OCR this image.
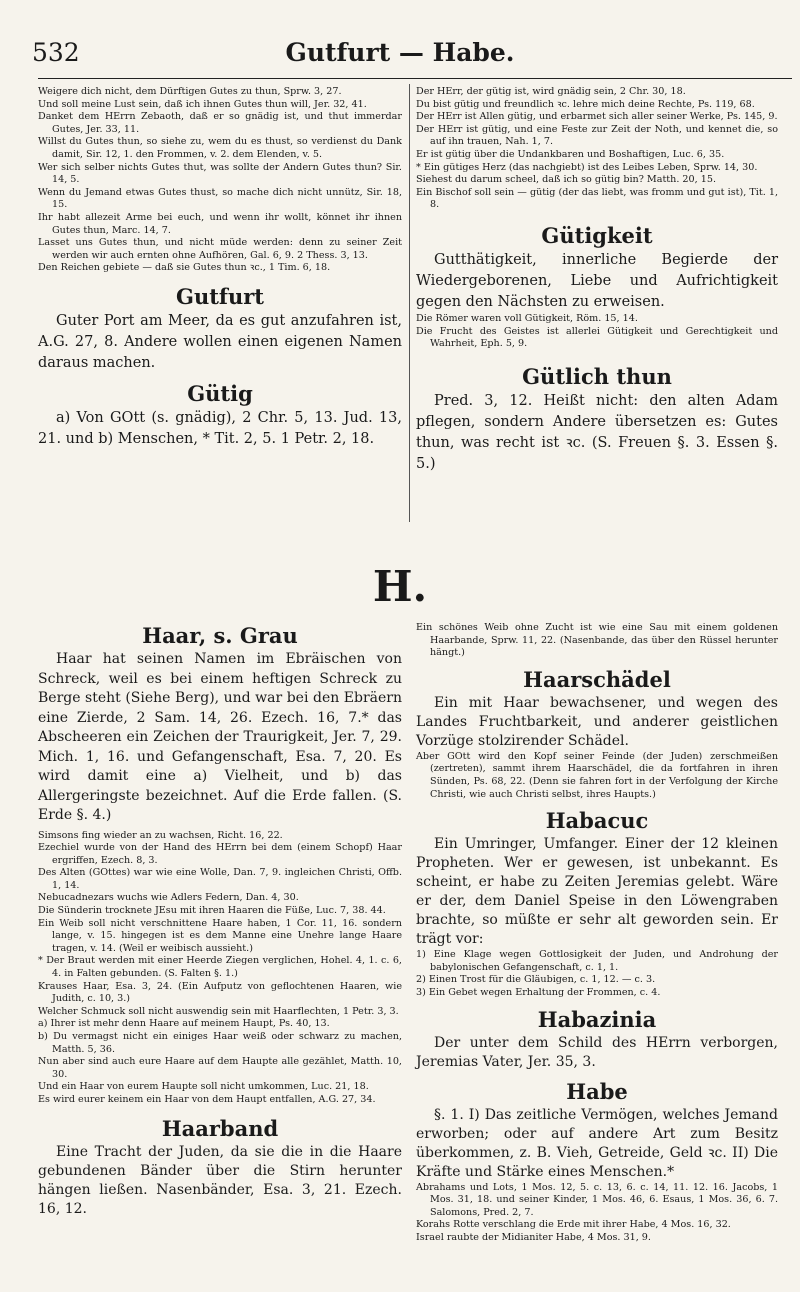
532	Gutfurt — Habe.

Weigere dich nicht, dem Dürftigen Gutes zu thun, Sprw. 3, 27.

Und soll meine Lust sein, daß ich ihnen Gutes thun will, Jer. 32, 41.

Danket dem HErrn Zebaoth, daß er so gnädig ist, und thut immerdar Gutes, Jer. 33, 11.

Willst du Gutes thun, so siehe zu, wem du es thust, so verdienst du Dank damit, Sir. 12, 1. den Frommen, v. 2. dem Elenden, v. 5.

Wer sich selber nichts Gutes thut, was sollte der Andern Gutes thun? Sir. 14, 5.

Wenn du Jemand etwas Gutes thust, so mache dich nicht unnütz, Sir. 18, 15.

Ihr habt allezeit Arme bei euch, und wenn ihr wollt, könnet ihr ihnen Gutes thun, Marc. 14, 7.

Lasset uns Gutes thun, und nicht müde werden: denn zu seiner Zeit werden wir auch ernten ohne Aufhören, Gal. 6, 9. 2 Thess. 3, 13.

Den Reichen gebiete — daß sie Gutes thun ꝛc., 1 Tim. 6, 18.

Gutfurt

Guter Port am Meer, da es gut anzufahren ist, A.G. 27, 8. Andere wollen einen eigenen Namen daraus machen.

Gütig

a) Von GOtt (s. gnädig), 2 Chr. 5, 13. Jud. 13, 21. und b) Menschen, * Tit. 2, 5. 1 Petr. 2, 18.

Der HErr, der gütig ist, wird gnädig sein, 2 Chr. 30, 18.

Du bist gütig und freundlich ꝛc. lehre mich deine Rechte, Ps. 119, 68.

Der HErr ist Allen gütig, und erbarmet sich aller seiner Werke, Ps. 145, 9.

Der HErr ist gütig, und eine Feste zur Zeit der Noth, und kennet die, so auf ihn trauen, Nah. 1, 7.

Er ist gütig über die Undankbaren und Boshaftigen, Luc. 6, 35.

* Ein gütiges Herz (das nachgiebt) ist des Leibes Leben, Sprw. 14, 30.

Siehest du darum scheel, daß ich so gütig bin? Matth. 20, 15.

Ein Bischof soll sein — gütig (der das liebt, was fromm und gut ist), Tit. 1, 8.

Gütigkeit

Gutthätigkeit, innerliche Begierde der Wiedergeborenen, Liebe und Aufrichtigkeit gegen den Nächsten zu erweisen.

Die Römer waren voll Gütigkeit, Röm. 15, 14.

Die Frucht des Geistes ist allerlei Gütigkeit und Gerechtigkeit und Wahrheit, Eph. 5, 9.

Gütlich thun

Pred. 3, 12. Heißt nicht: den alten Adam pflegen, sondern Andere übersetzen es: Gutes thun, was recht ist ꝛc. (S. Freuen §. 3. Essen §. 5.)

H.

Haar, s. Grau

Haar hat seinen Namen im Ebräischen von Schreck, weil es bei einem heftigen Schreck zu Berge steht (Siehe Berg), und war bei den Ebräern eine Zierde, 2 Sam. 14, 26. Ezech. 16, 7.* das Abscheeren ein Zeichen der Traurigkeit, Jer. 7, 29. Mich. 1, 16. und Gefangenschaft, Esa. 7, 20. Es wird damit eine a) Vielheit, und b) das Allergeringste bezeichnet. Auf die Erde fallen. (S. Erde §. 4.)

Simsons fing wieder an zu wachsen, Richt. 16, 22.

Ezechiel wurde von der Hand des HErrn bei dem (einem Schopf) Haar ergriffen, Ezech. 8, 3.

Des Alten (GOttes) war wie eine Wolle, Dan. 7, 9. ingleichen Christi, Offb. 1, 14.

Nebucadnezars wuchs wie Adlers Federn, Dan. 4, 30.

Die Sünderin trocknete JEsu mit ihren Haaren die Füße, Luc. 7, 38. 44.

Ein Weib soll nicht verschnittene Haare haben, 1 Cor. 11, 16. sondern lange, v. 15. hingegen ist es dem Manne eine Unehre lange Haare tragen, v. 14. (Weil er weibisch aussieht.)

* Der Braut werden mit einer Heerde Ziegen verglichen, Hohel. 4, 1. c. 6, 4. in Falten gebunden. (S. Falten §. 1.)

Krauses Haar, Esa. 3, 24. (Ein Aufputz von geflochtenen Haaren, wie Judith, c. 10, 3.)

Welcher Schmuck soll nicht auswendig sein mit Haarflechten, 1 Petr. 3, 3.

a) Ihrer ist mehr denn Haare auf meinem Haupt, Ps. 40, 13.

b) Du vermagst nicht ein einiges Haar weiß oder schwarz zu machen, Matth. 5, 36.

Nun aber sind auch eure Haare auf dem Haupte alle gezählet, Matth. 10, 30.

Und ein Haar von eurem Haupte soll nicht umkommen, Luc. 21, 18.

Es wird eurer keinem ein Haar von dem Haupt entfallen, A.G. 27, 34.

Haarband

Eine Tracht der Juden, da sie die in die Haare gebundenen Bänder über die Stirn herunter hängen ließen. Nasenbänder, Esa. 3, 21. Ezech. 16, 12.

Ein schönes Weib ohne Zucht ist wie eine Sau mit einem goldenen Haarbande, Sprw. 11, 22. (Nasenbande, das über den Rüssel herunter hängt.)

Haarschädel

Ein mit Haar bewachsener, und wegen des Landes Fruchtbarkeit, und anderer geistlichen Vorzüge stolzirender Schädel.

Aber GOtt wird den Kopf seiner Feinde (der Juden) zerschmeißen (zertreten), sammt ihrem Haarschädel, die da fortfahren in ihren Sünden, Ps. 68, 22. (Denn sie fahren fort in der Verfolgung der Kirche Christi, wie auch Christi selbst, ihres Haupts.)

Habacuc

Ein Umringer, Umfanger. Einer der 12 kleinen Propheten. Wer er gewesen, ist unbekannt. Es scheint, er habe zu Zeiten Jeremias gelebt. Wäre er der, dem Daniel Speise in den Löwengraben brachte, so müßte er sehr alt geworden sein. Er trägt vor:

1) Eine Klage wegen Gottlosigkeit der Juden, und Androhung der babylonischen Gefangenschaft, c. 1, 1.

2) Einen Trost für die Gläubigen, c. 1, 12. — c. 3.

3) Ein Gebet wegen Erhaltung der Frommen, c. 4.

Habazinia

Der unter dem Schild des HErrn verborgen, Jeremias Vater, Jer. 35, 3.

Habe

§. 1. I) Das zeitliche Vermögen, welches Jemand erworben; oder auf andere Art zum Besitz überkommen, z. B. Vieh, Getreide, Geld ꝛc. II) Die Kräfte und Stärke eines Menschen.*

Abrahams und Lots, 1 Mos. 12, 5. c. 13, 6. c. 14, 11. 12. 16. Jacobs, 1 Mos. 31, 18. und seiner Kinder, 1 Mos. 46, 6. Esaus, 1 Mos. 36, 6. 7. Salomons, Pred. 2, 7.

Korahs Rotte verschlang die Erde mit ihrer Habe, 4 Mos. 16, 32.

Israel raubte der Midianiter Habe, 4 Mos. 31, 9.
